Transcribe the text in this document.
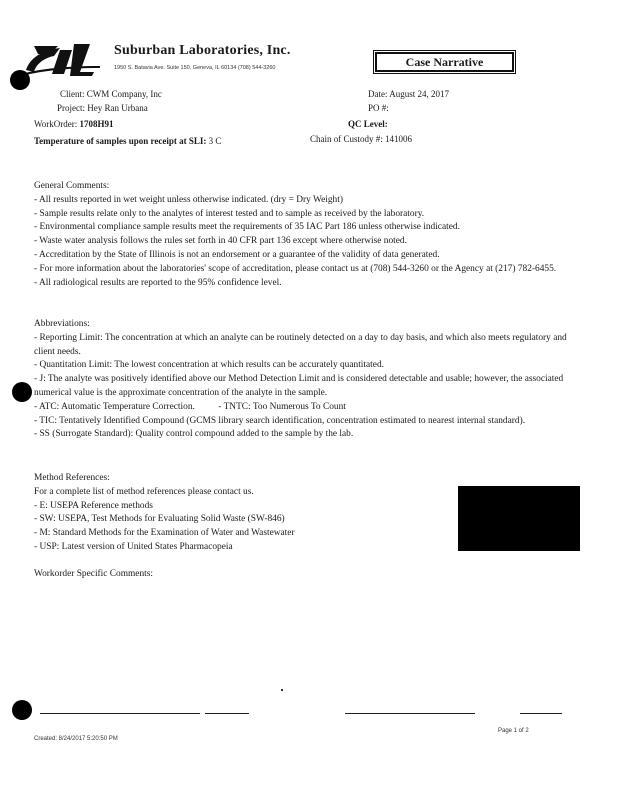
Suburban Laboratories, Inc.
1950 S. Batavia Ave. Suite 150, Geneva, IL 60134 (708) 544-3260	Case Narrative
Client: CWM Company, Inc
Project: Hey Ran Urbana
WorkOrder: 1708H91
Temperature of samples upon receipt at SLI: 3 C
Date: August 24, 2017
PO #:
QC Level:
Chain of Custody #: 141006
General Comments:
- All results reported in wet weight unless otherwise indicated. (dry = Dry Weight)
- Sample results relate only to the analytes of interest tested and to sample as received by the laboratory.
- Environmental compliance sample results meet the requirements of 35 IAC Part 186 unless otherwise indicated.
- Waste water analysis follows the rules set forth in 40 CFR part 136 except where otherwise noted.
- Accreditation by the State of Illinois is not an endorsement or a guarantee of the validity of data generated.
- For more information about the laboratories' scope of accreditation, please contact us at (708) 544-3260 or the Agency at (217) 782-6455.
- All radiological results are reported to the 95% confidence level.
Abbreviations:
- Reporting Limit: The concentration at which an analyte can be routinely detected on a day to day basis, and which also meets regulatory and client needs.
- Quantitation Limit: The lowest concentration at which results can be accurately quantitated.
- J: The analyte was positively identified above our Method Detection Limit and is considered detectable and usable; however, the associated numerical value is the approximate concentration of the analyte in the sample.
- ATC: Automatic Temperature Correction.          - TNTC: Too Numerous To Count
- TIC: Tentatively Identified Compound (GCMS library search identification, concentration estimated to nearest internal standard).
- SS (Surrogate Standard): Quality control compound added to the sample by the lab.
Method References:
For a complete list of method references please contact us.
- E: USEPA Reference methods
- SW: USEPA, Test Methods for Evaluating Solid Waste (SW-846)
- M: Standard Methods for the Examination of Water and Wastewater
- USP: Latest version of United States Pharmacopeia
Workorder Specific Comments:
Page 1 of 2
Created: 8/24/2017 5:20:50 PM
